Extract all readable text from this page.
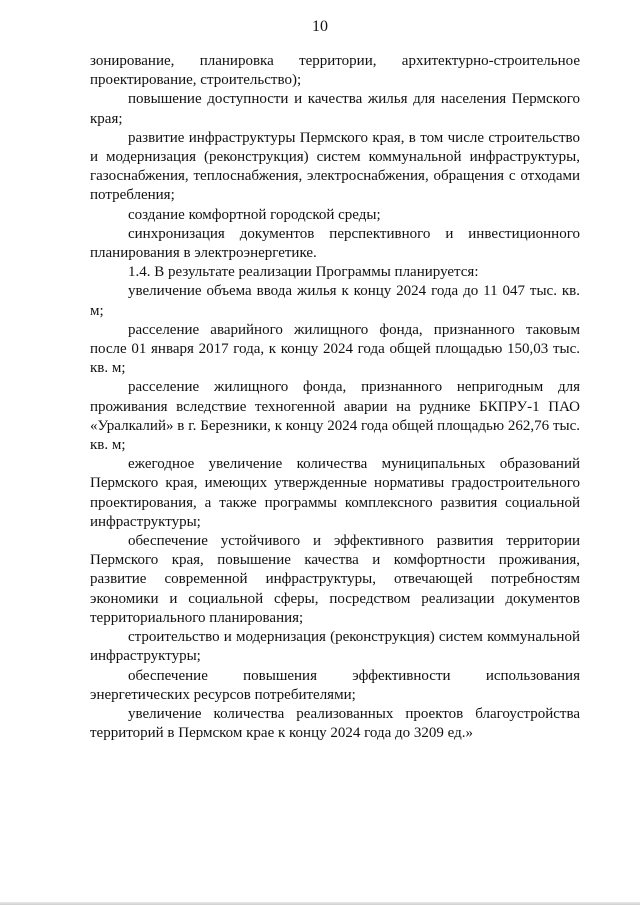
10

зонирование, планировка территории, архитектурно-строительное проектирование, строительство);

повышение доступности и качества жилья для населения Пермского края;

развитие инфраструктуры Пермского края, в том числе строительство и модернизация (реконструкция) систем коммунальной инфраструктуры, газоснабжения, теплоснабжения, электроснабжения, обращения с отходами потребления;

создание комфортной городской среды;

синхронизация документов перспективного и инвестиционного планирования в электроэнергетике.

1.4. В результате реализации Программы планируется:

увеличение объема ввода жилья к концу 2024 года до 11 047 тыс. кв. м;

расселение аварийного жилищного фонда, признанного таковым после 01 января 2017 года, к концу 2024 года общей площадью 150,03 тыс. кв. м;

расселение жилищного фонда, признанного непригодным для проживания вследствие техногенной аварии на руднике БКПРУ-1 ПАО «Уралкалий» в г. Березники, к концу 2024 года общей площадью 262,76 тыс. кв. м;

ежегодное увеличение количества муниципальных образований Пермского края, имеющих утвержденные нормативы градостроительного проектирования, а также программы комплексного развития социальной инфраструктуры;

обеспечение устойчивого и эффективного развития территории Пермского края, повышение качества и комфортности проживания, развитие современной инфраструктуры, отвечающей потребностям экономики и социальной сферы, посредством реализации документов территориального планирования;

строительство и модернизация (реконструкция) систем коммунальной инфраструктуры;

обеспечение повышения эффективности использования энергетических ресурсов потребителями;

увеличение количества реализованных проектов благоустройства территорий в Пермском крае к концу 2024 года до 3209 ед.»
